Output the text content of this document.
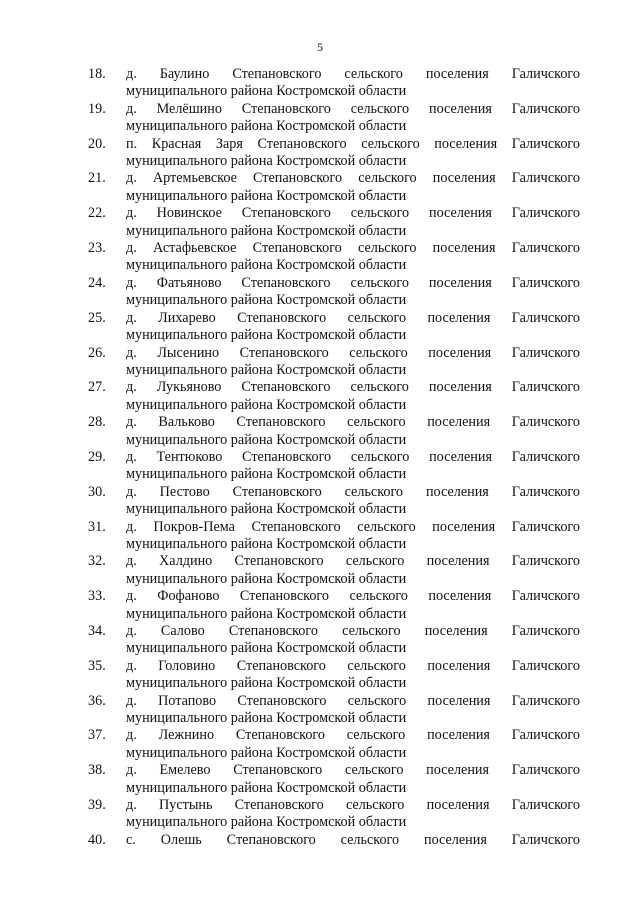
5
18.	д. Баулино Степановского сельского поселения Галичского
муниципального района Костромской области
19.	д. Мелёшино Степановского сельского поселения Галичского
муниципального района Костромской области
20.	п. Красная Заря Степановского сельского поселения Галичского
муниципального района Костромской области
21.	д. Артемьевское Степановского сельского поселения Галичского
муниципального района Костромской области
22.	д. Новинское Степановского сельского поселения Галичского
муниципального района Костромской области
23.	д. Астафьевское Степановского сельского поселения Галичского
муниципального района Костромской области
24.	д. Фатьяново Степановского сельского поселения Галичского
муниципального района Костромской области
25.	д. Лихарево Степановского сельского поселения Галичского
муниципального района Костромской области
26.	д. Лысенино Степановского сельского поселения Галичского
муниципального района Костромской области
27.	д. Лукьяново Степановского сельского поселения Галичского
муниципального района Костромской области
28.	д. Вальково Степановского сельского поселения Галичского
муниципального района Костромской области
29.	д. Тентюково Степановского сельского поселения Галичского
муниципального района Костромской области
30.	д. Пестово Степановского сельского поселения Галичского
муниципального района Костромской области
31.	д. Покров-Пема Степановского сельского поселения Галичского
муниципального района Костромской области
32.	д. Халдино Степановского сельского поселения Галичского
муниципального района Костромской области
33.	д. Фофаново Степановского сельского поселения Галичского
муниципального района Костромской области
34.	д. Салово Степановского сельского поселения Галичского
муниципального района Костромской области
35.	д. Головино Степановского сельского поселения Галичского
муниципального района Костромской области
36.	д. Потапово Степановского сельского поселения Галичского
муниципального района Костромской области
37.	д. Лежнино Степановского сельского поселения Галичского
муниципального района Костромской области
38.	д. Емелево Степановского сельского поселения Галичского
муниципального района Костромской области
39.	д. Пустынь Степановского сельского поселения Галичского
муниципального района Костромской области
40.	с. Олешь Степановского сельского поселения Галичского
